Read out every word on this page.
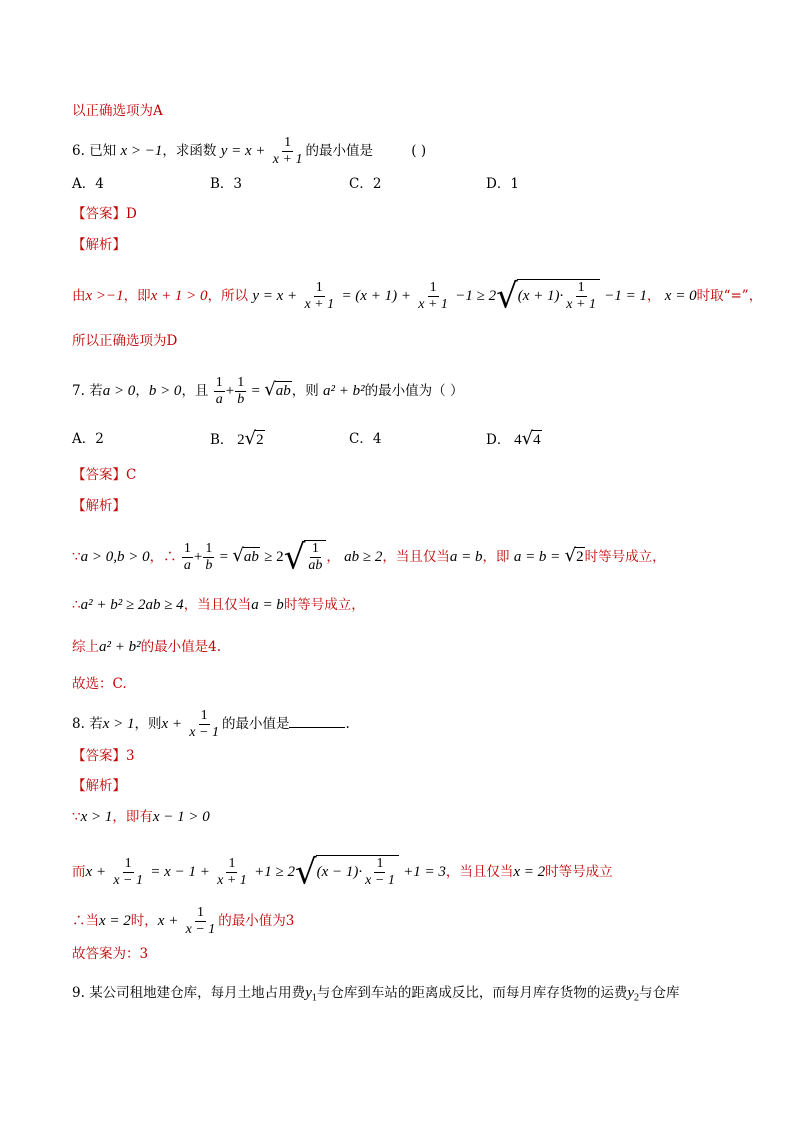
以正确选项为A
6. 已知 x > −1，求函数 $y = x + \frac{1}{x + 1}$ 的最小值是	( )
A．4	B．3	C．2	D．1
【答案】D
【解析】
由x >−1，即x + 1 > 0，所以 $y = x + \frac{1}{x + 1} = (x + 1) + \frac{1}{x + 1} -1 \ge 2√(x + 1)\cdot \frac{1}{x + 1} -1 = 1$， x = 0时取“=”，
所以正确选项为D
7. 若a > 0，b > 0，且 $\frac{1}{a} + \frac{1}{b} = √ab$，则 a² + b²的最小值为（ ）
A．2	B． 2√2	C．4	D． 4√4
【答案】C
【解析】
∵a > 0,b > 0，∴ $\frac{1}{a} + \frac{1}{b} = √ab \ge 2√ \frac{1}{ab}$ ， ab ≥ 2，当且仅当a = b，即 a = b = √2时等号成立，
∴a² + b² ≥ 2ab ≥ 4，当且仅当a = b时等号成立，
综上a² + b²的最小值是4.
故选：C.
8. 若x > 1，则$x + \frac{1}{x - 1}$ 的最小值是	.
【答案】3
【解析】
∵x > 1，即有x − 1 > 0
而$x + \frac{1}{x - 1} = x - 1 + \frac{1}{x + 1} +1 \ge 2√(x - 1)\cdot \frac{1}{x - 1} +1 = 3$，当且仅当x = 2时等号成立
∴当x = 2时，$x + \frac{1}{x - 1}$ 的最小值为3
故答案为：3
9. 某公司租地建仓库，每月土地占用费$y_1$与仓库到车站的距离成反比，而每月库存货物的运费$y_2$与仓库
